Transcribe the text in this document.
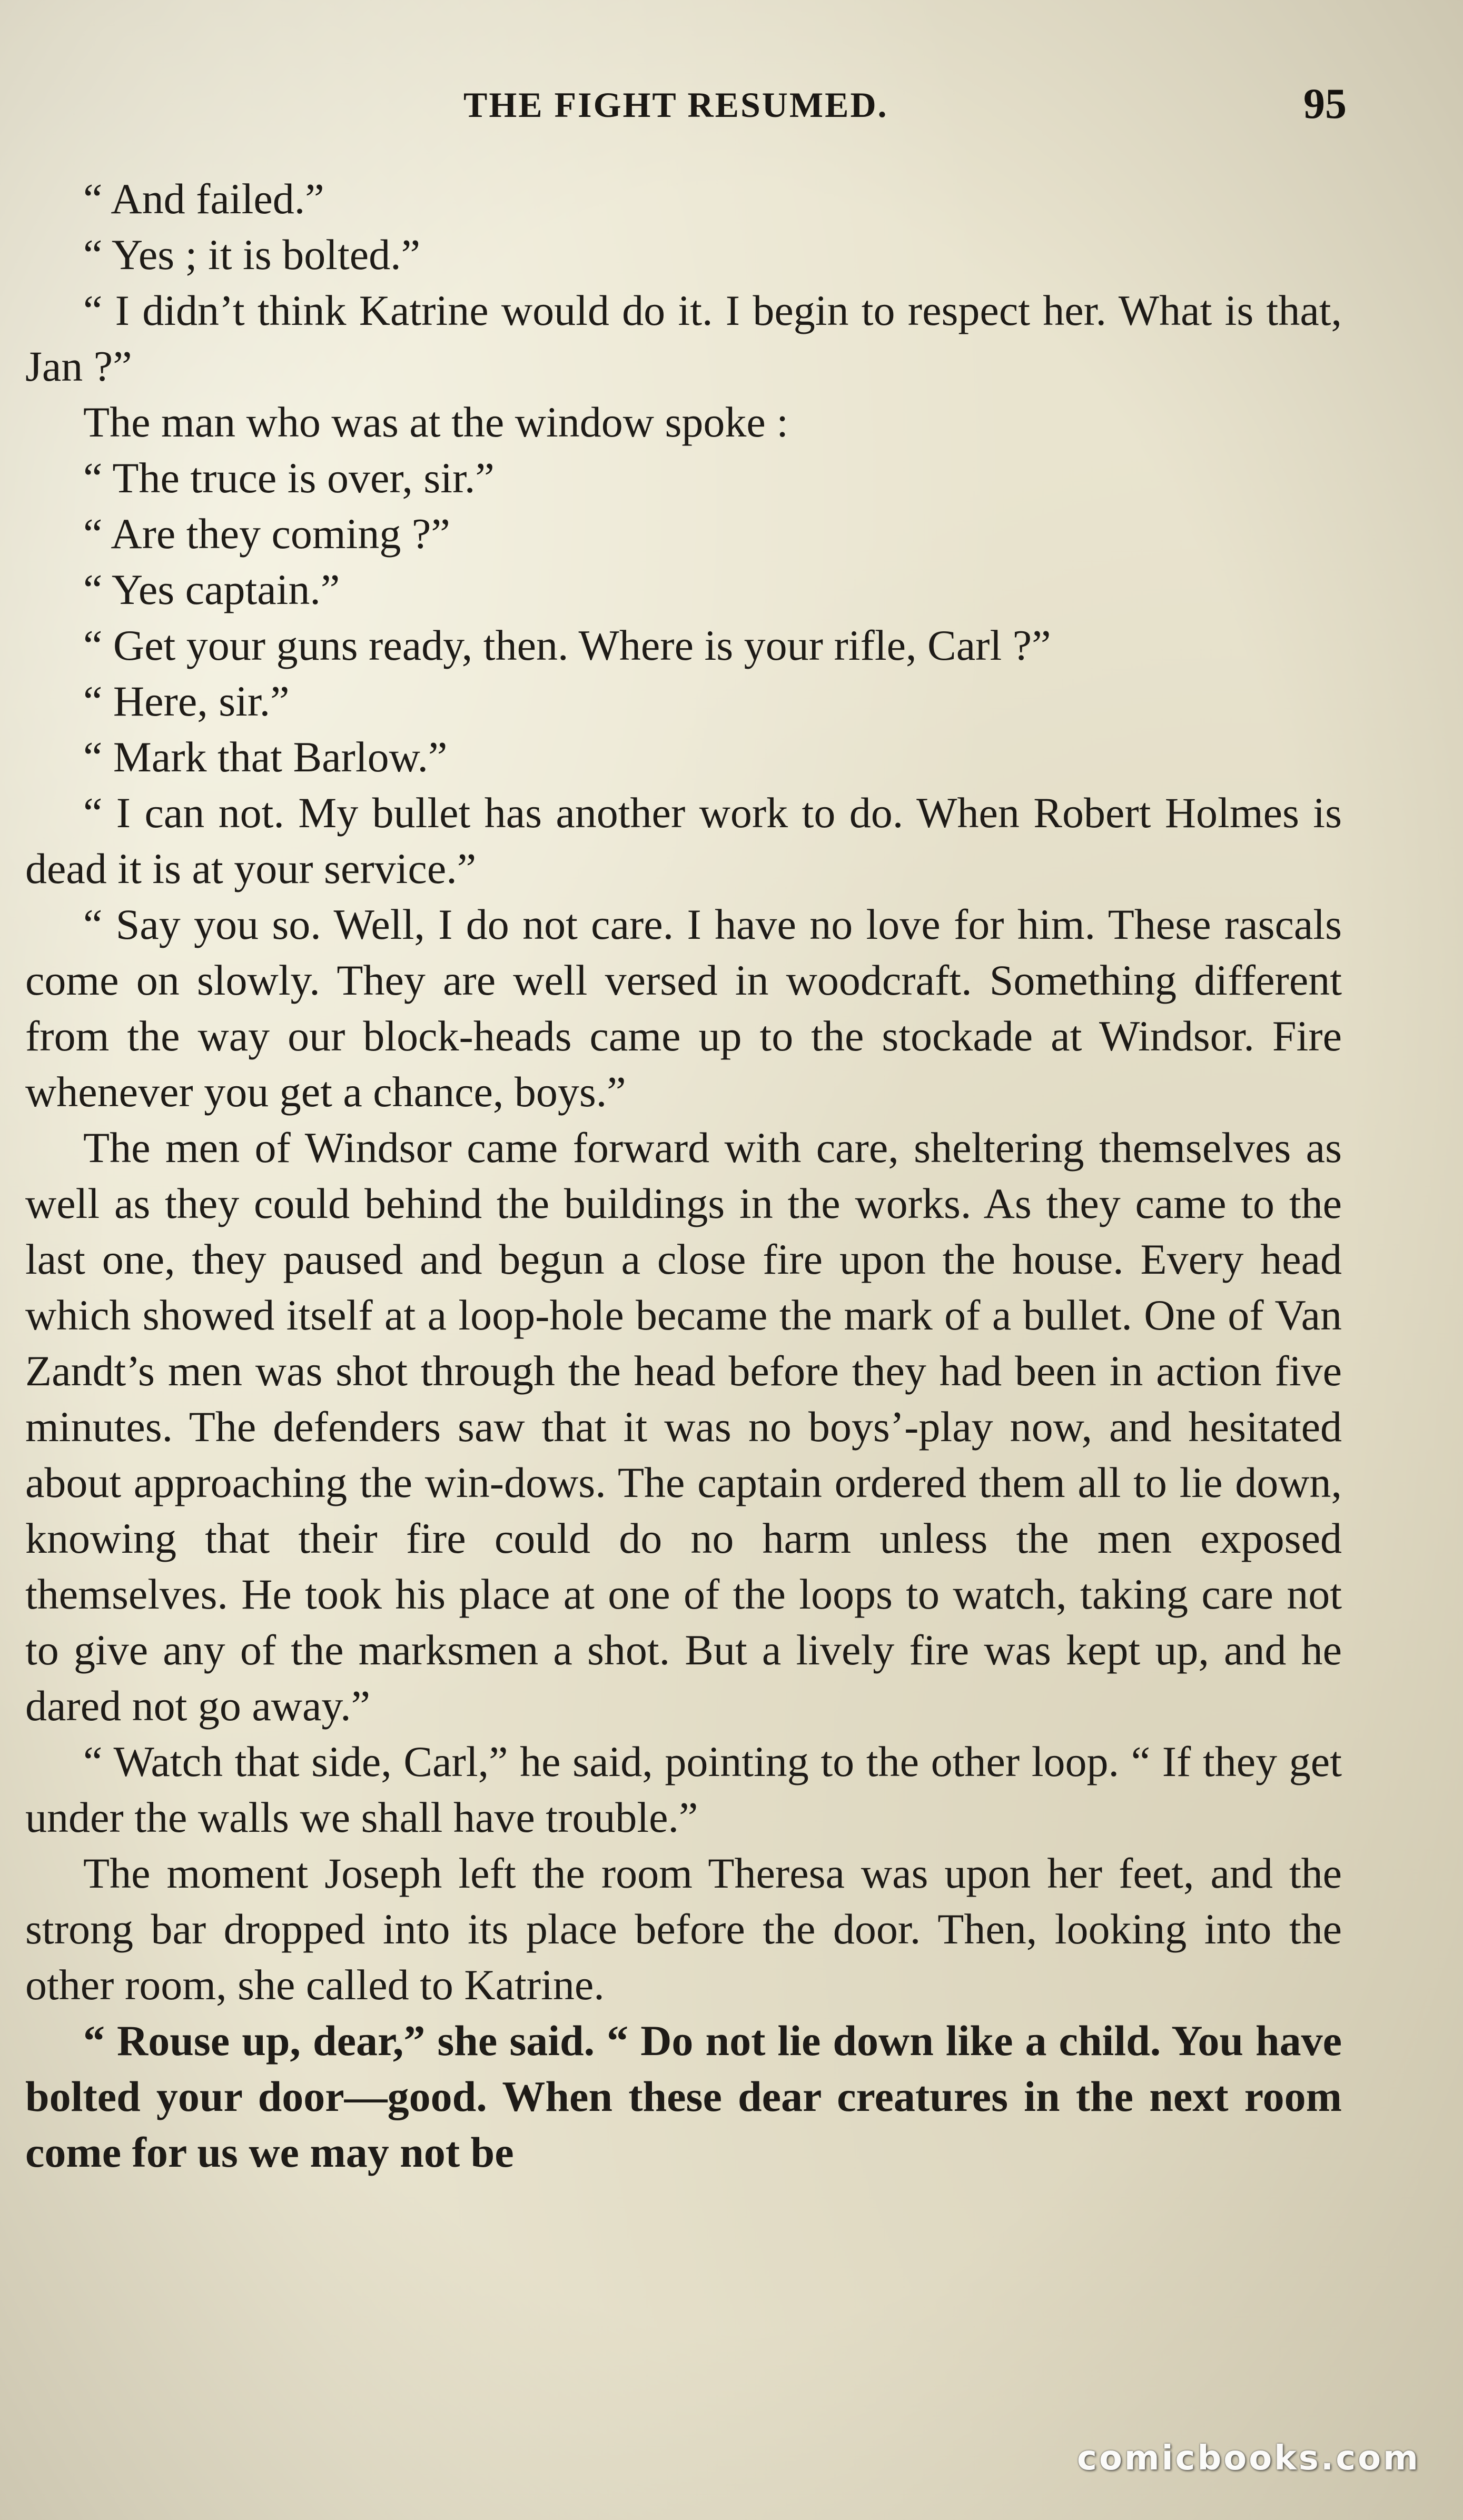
THE FIGHT RESUMED.	95

“ And failed.”

“ Yes ; it is bolted.”

“ I didn’t think Katrine would do it. I begin to respect her. What is that, Jan ?”

The man who was at the window spoke :

“ The truce is over, sir.”

“ Are they coming ?”

“ Yes captain.”

“ Get your guns ready, then. Where is your rifle, Carl ?”

“ Here, sir.”

“ Mark that Barlow.”

“ I can not. My bullet has another work to do. When Robert Holmes is dead it is at your service.”

“ Say you so. Well, I do not care. I have no love for him. These rascals come on slowly. They are well versed in woodcraft. Something different from the way our block-heads came up to the stockade at Windsor. Fire whenever you get a chance, boys.”

The men of Windsor came forward with care, sheltering themselves as well as they could behind the buildings in the works. As they came to the last one, they paused and begun a close fire upon the house. Every head which showed itself at a loop-hole became the mark of a bullet. One of Van Zandt’s men was shot through the head before they had been in action five minutes. The defenders saw that it was no boys’-play now, and hesitated about approaching the win-dows. The captain ordered them all to lie down, knowing that their fire could do no harm unless the men exposed themselves. He took his place at one of the loops to watch, taking care not to give any of the marksmen a shot. But a lively fire was kept up, and he dared not go away.”

“ Watch that side, Carl,” he said, pointing to the other loop. “ If they get under the walls we shall have trouble.”

The moment Joseph left the room Theresa was upon her feet, and the strong bar dropped into its place before the door. Then, looking into the other room, she called to Katrine.

“ Rouse up, dear,” she said. “ Do not lie down like a child. You have bolted your door—good. When these dear creatures in the next room come for us we may not be

comicbooks.com
